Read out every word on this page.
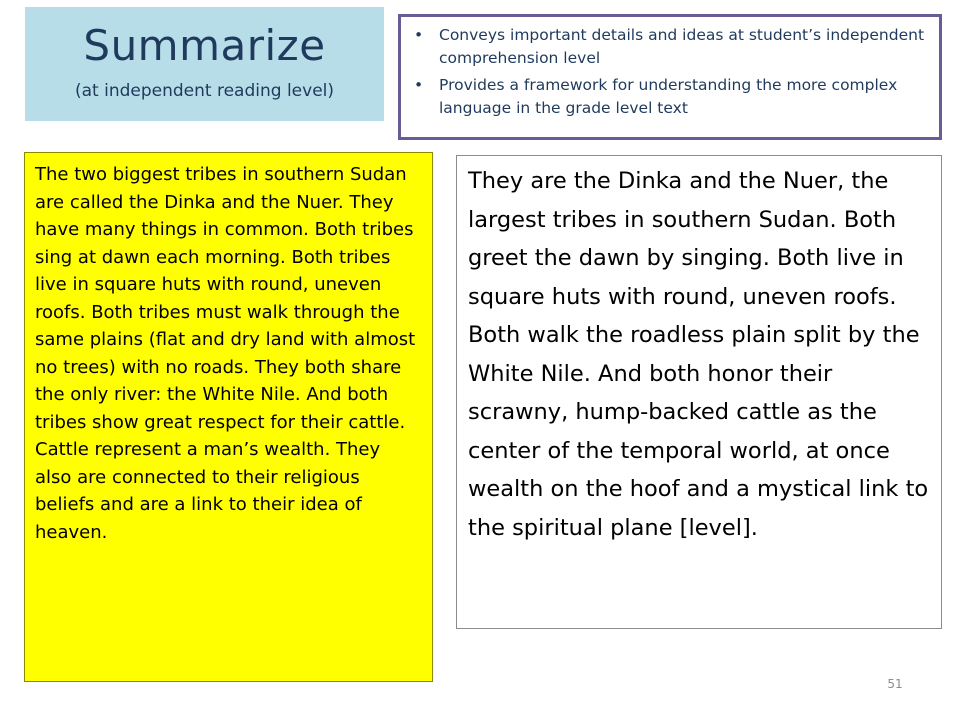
Summarize
(at independent reading level)
• Conveys important details and ideas at student’s independent comprehension level
• Provides a framework for understanding the more complex language in the grade level text
The two biggest tribes in southern Sudan are called the Dinka and the Nuer. They have many things in common. Both tribes sing at dawn each morning. Both tribes live in square huts with round, uneven roofs. Both tribes must walk through the same plains (flat and dry land with almost no trees) with no roads. They both share the only river: the White Nile. And both tribes show great respect for their cattle. Cattle represent a man’s wealth. They also are connected to their religious beliefs and are a link to their idea of heaven.
They are the Dinka and the Nuer, the largest tribes in southern Sudan. Both greet the dawn by singing. Both live in square huts with round, uneven roofs. Both walk the roadless plain split by the White Nile. And both honor their scrawny, hump-backed cattle as the center of the temporal world, at once wealth on the hoof and a mystical link to the spiritual plane [level].
51
